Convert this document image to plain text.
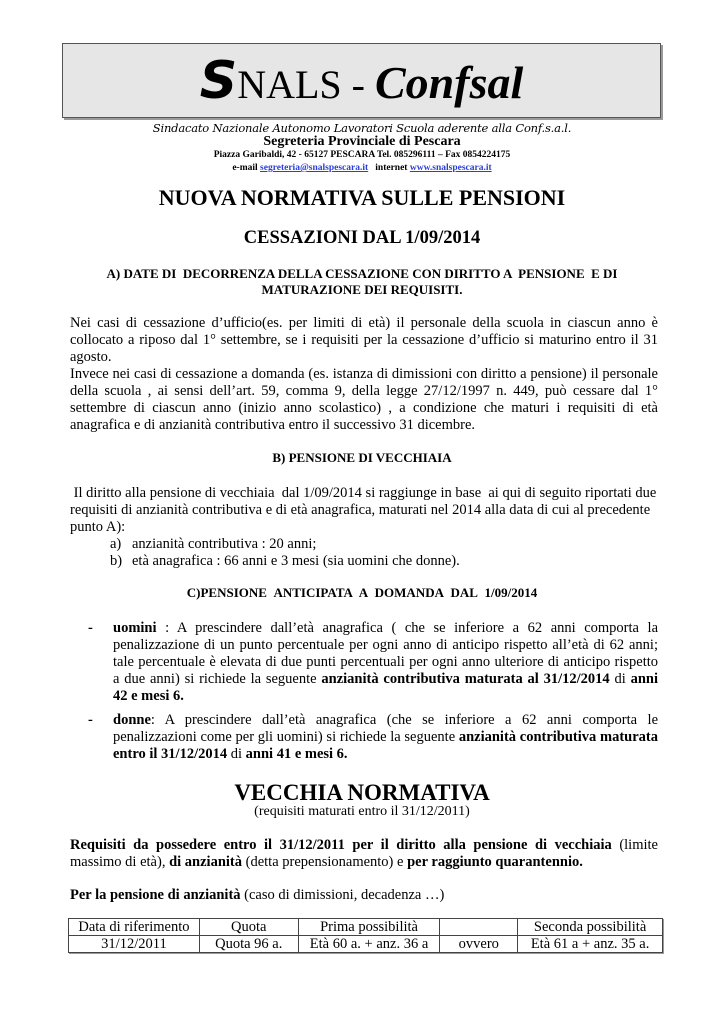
SNALS - Confsal
Sindacato Nazionale Autonomo Lavoratori Scuola aderente alla Conf.s.a.l.
Segreteria Provinciale di Pescara
Piazza Garibaldi, 42 - 65127 PESCARA Tel. 085296111 – Fax 0854224175
e-mail segreteria@snalspescara.it internet www.snalspescara.it
NUOVA NORMATIVA SULLE PENSIONI
CESSAZIONI DAL 1/09/2014
A) DATE DI  DECORRENZA DELLA CESSAZIONE CON DIRITTO A  PENSIONE  E DI
MATURAZIONE DEI REQUISITI.
Nei casi di cessazione d’ufficio(es. per limiti di età) il personale della scuola in ciascun anno è collocato a riposo dal 1° settembre, se i requisiti per la cessazione d’ufficio si maturino entro il 31 agosto.
Invece nei casi di cessazione a domanda (es. istanza di dimissioni con diritto a pensione) il personale della scuola , ai sensi dell’art. 59, comma 9, della legge 27/12/1997 n. 449, può cessare dal 1° settembre di ciascun anno (inizio anno scolastico) , a condizione che maturi i requisiti di età anagrafica e di anzianità contributiva entro il successivo 31 dicembre.
B) PENSIONE DI VECCHIAIA
Il diritto alla pensione di vecchiaia  dal 1/09/2014 si raggiunge in base  ai qui di seguito riportati due requisiti di anzianità contributiva e di età anagrafica, maturati nel 2014 alla data di cui al precedente punto A):
a) anzianità contributiva : 20 anni;
b) età anagrafica : 66 anni e 3 mesi (sia uomini che donne).
C)PENSIONE ANTICIPATA A DOMANDA DAL 1/09/2014
- uomini : A prescindere dall’età anagrafica ( che se inferiore a 62 anni comporta la penalizzazione di un punto percentuale per ogni anno di anticipo rispetto all’età di 62 anni; tale percentuale è elevata di due punti percentuali per ogni anno ulteriore di anticipo rispetto a due anni) si richiede la seguente anzianità contributiva maturata al 31/12/2014 di anni 42 e mesi 6.
- donne: A prescindere dall’età anagrafica (che se inferiore a 62 anni comporta le penalizzazioni come per gli uomini) si richiede la seguente anzianità contributiva maturata entro il 31/12/2014 di anni 41 e mesi 6.
VECCHIA NORMATIVA
(requisiti maturati entro il 31/12/2011)
Requisiti da possedere entro il 31/12/2011 per il diritto alla pensione di vecchiaia (limite massimo di età), di anzianità (detta prepensionamento) e per raggiunto quarantennio.
Per la pensione di anzianità (caso di dimissioni, decadenza …)
Data di riferimento	Quota	Prima possibilità		Seconda possibilità
31/12/2011	Quota 96 a.	Età 60 a. + anz. 36 a	ovvero	Età 61 a + anz. 35 a.
